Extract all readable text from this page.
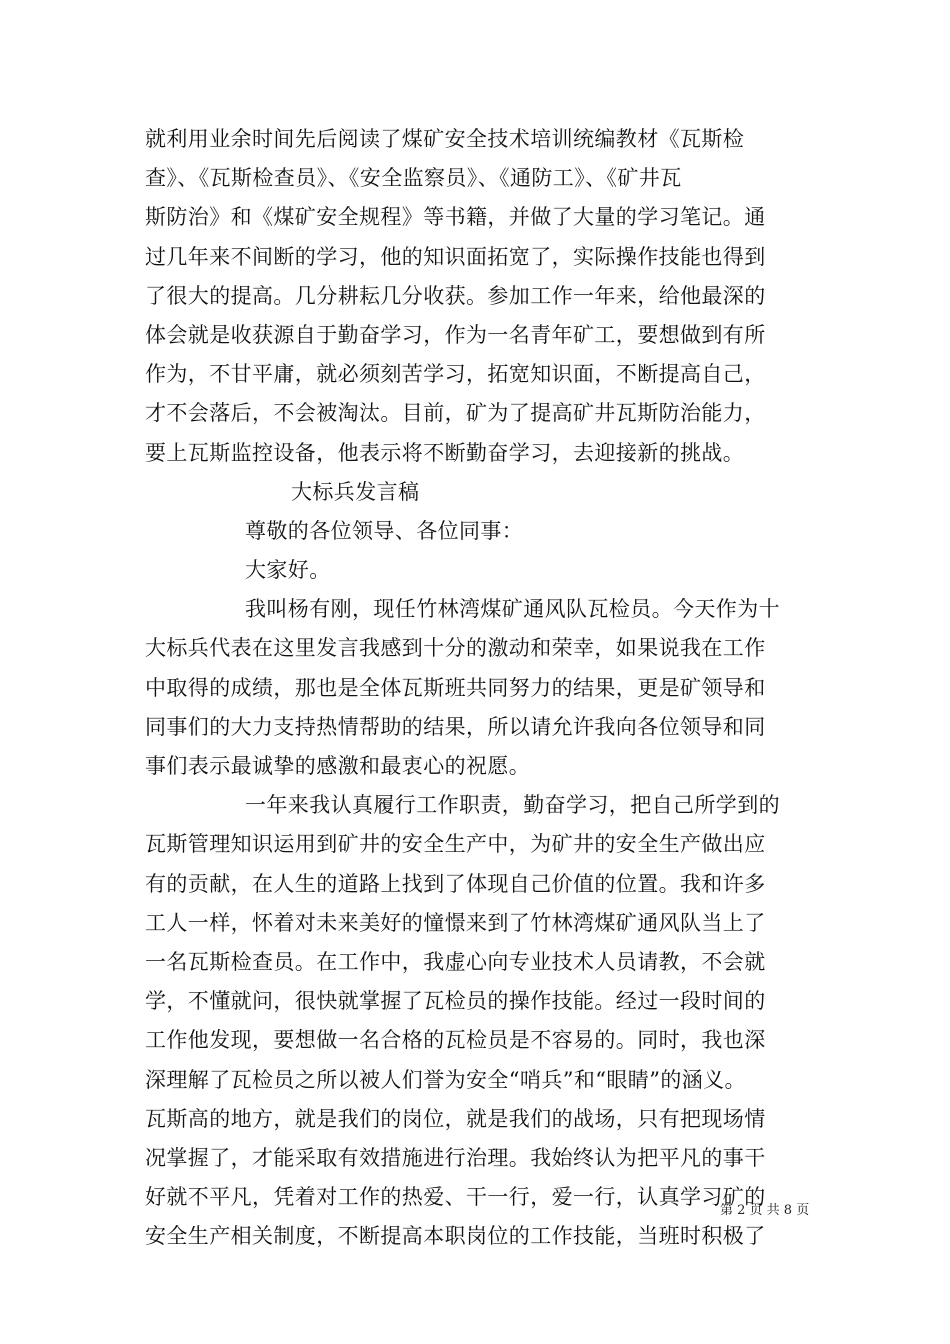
就利用业余时间先后阅读了煤矿安全技术培训统编教材《瓦斯检
查》、《瓦斯检查员》、《安全监察员》、《通防工》、《矿井瓦
斯防治》和《煤矿安全规程》等书籍，并做了大量的学习笔记。通
过几年来不间断的学习，他的知识面拓宽了，实际操作技能也得到
了很大的提高。几分耕耘几分收获。参加工作一年来，给他最深的
体会就是收获源自于勤奋学习，作为一名青年矿工，要想做到有所
作为，不甘平庸，就必须刻苦学习，拓宽知识面，不断提高自己，
才不会落后，不会被淘汰。目前，矿为了提高矿井瓦斯防治能力，
要上瓦斯监控设备，他表示将不断勤奋学习，去迎接新的挑战。
大标兵发言稿
尊敬的各位领导、各位同事：
大家好。
我叫杨有刚，现任竹林湾煤矿通风队瓦检员。今天作为十
大标兵代表在这里发言我感到十分的激动和荣幸，如果说我在工作
中取得的成绩，那也是全体瓦斯班共同努力的结果，更是矿领导和
同事们的大力支持热情帮助的结果，所以请允许我向各位领导和同
事们表示最诚挚的感激和最衷心的祝愿。
一年来我认真履行工作职责，勤奋学习，把自己所学到的
瓦斯管理知识运用到矿井的安全生产中，为矿井的安全生产做出应
有的贡献，在人生的道路上找到了体现自己价值的位置。我和许多
工人一样，怀着对未来美好的憧憬来到了竹林湾煤矿通风队当上了
一名瓦斯检查员。在工作中，我虚心向专业技术人员请教，不会就
学，不懂就问，很快就掌握了瓦检员的操作技能。经过一段时间的
工作他发现，要想做一名合格的瓦检员是不容易的。同时，我也深
深理解了瓦检员之所以被人们誉为安全“哨兵”和“眼睛”的涵义。
瓦斯高的地方，就是我们的岗位，就是我们的战场，只有把现场情
况掌握了，才能采取有效措施进行治理。我始终认为把平凡的事干
好就不平凡，凭着对工作的热爱、干一行，爱一行，认真学习矿的
安全生产相关制度，不断提高本职岗位的工作技能，当班时积极了
第 2 页 共 8 页
